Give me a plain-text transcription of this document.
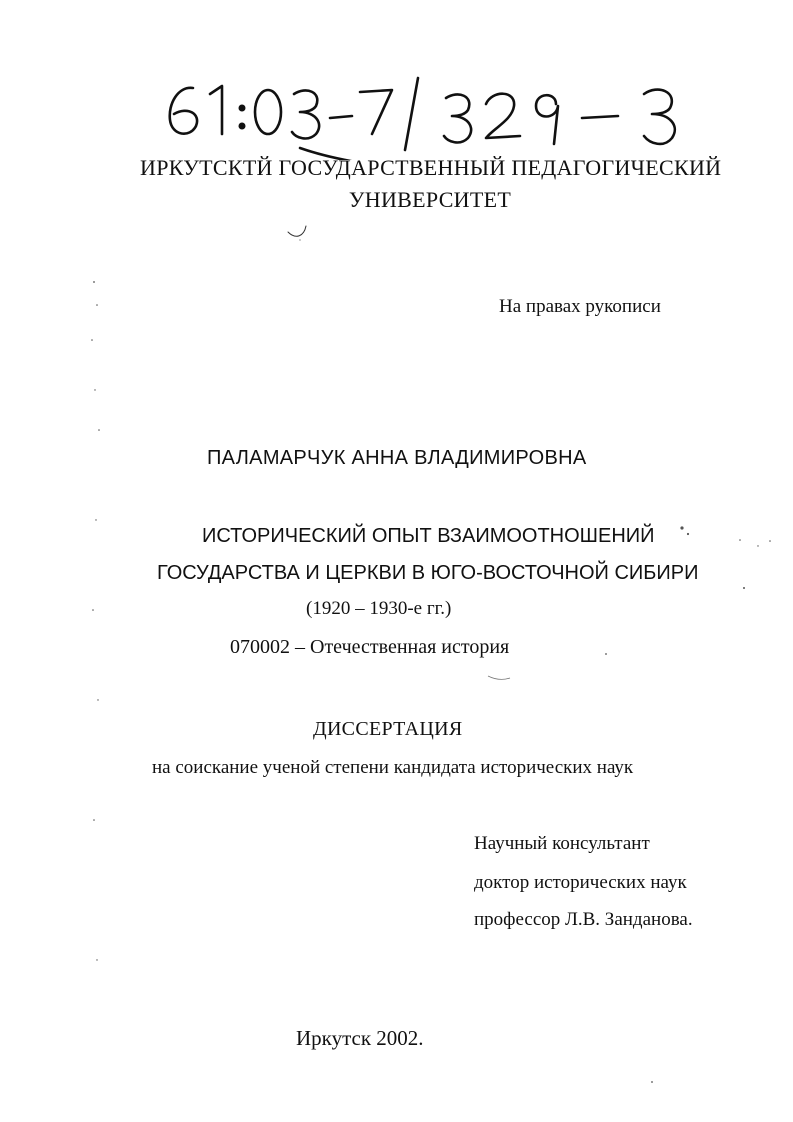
ИРКУТСКТЙ ГОСУДАРСТВЕННЫЙ ПЕДАГОГИЧЕСКИЙ
УНИВЕРСИТЕТ
На правах рукописи
ПАЛАМАРЧУК АННА ВЛАДИМИРОВНА
ИСТОРИЧЕСКИЙ ОПЫТ ВЗАИМООТНОШЕНИЙ
ГОСУДАРСТВА И ЦЕРКВИ В ЮГО-ВОСТОЧНОЙ СИБИРИ
(1920 – 1930-е гг.)
070002 – Отечественная история
ДИССЕРТАЦИЯ
на соискание ученой степени кандидата исторических наук
Научный консультант
доктор исторических наук
профессор Л.В. Занданова.
Иркутск 2002.
